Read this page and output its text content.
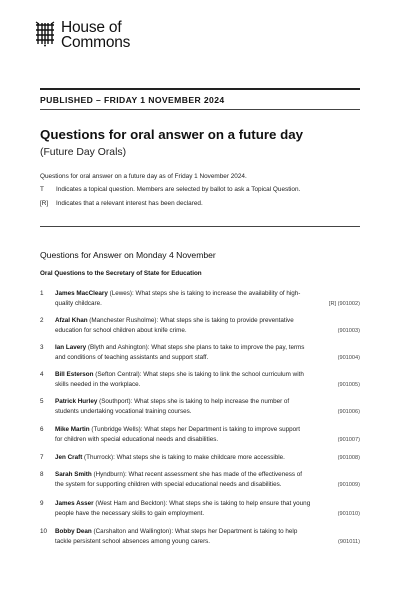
House of
Commons
PUBLISHED – FRIDAY 1 NOVEMBER 2024
Questions for oral answer on a future day
(Future Day Orals)
Questions for oral answer on a future day as of Friday 1 November 2024.
T	Indicates a topical question. Members are selected by ballot to ask a Topical Question.
[R]	Indicates that a relevant interest has been declared.
Questions for Answer on Monday 4 November
Oral Questions to the Secretary of State for Education
1	James MacCleary (Lewes): What steps she is taking to increase the availability of high-
quality childcare.	[R] (901002)
2	Afzal Khan (Manchester Rusholme): What steps she is taking to provide preventative
education for school children about knife crime.	(901003)
3	Ian Lavery (Blyth and Ashington): What steps she plans to take to improve the pay, terms
and conditions of teaching assistants and support staff.	(901004)
4	Bill Esterson (Sefton Central): What steps she is taking to link the school curriculum with
skills needed in the workplace.	(901005)
5	Patrick Hurley (Southport): What steps she is taking to help increase the number of
students undertaking vocational training courses.	(901006)
6	Mike Martin (Tunbridge Wells): What steps her Department is taking to improve support
for children with special educational needs and disabilities.	(901007)
7	Jen Craft (Thurrock): What steps she is taking to make childcare more accessible.	(901008)
8	Sarah Smith (Hyndburn): What recent assessment she has made of the effectiveness of
the system for supporting children with special educational needs and disabilities.	(901009)
9	James Asser (West Ham and Beckton): What steps she is taking to help ensure that young
people have the necessary skills to gain employment.	(901010)
10	Bobby Dean (Carshalton and Wallington): What steps her Department is taking to help
tackle persistent school absences among young carers.	(901011)
